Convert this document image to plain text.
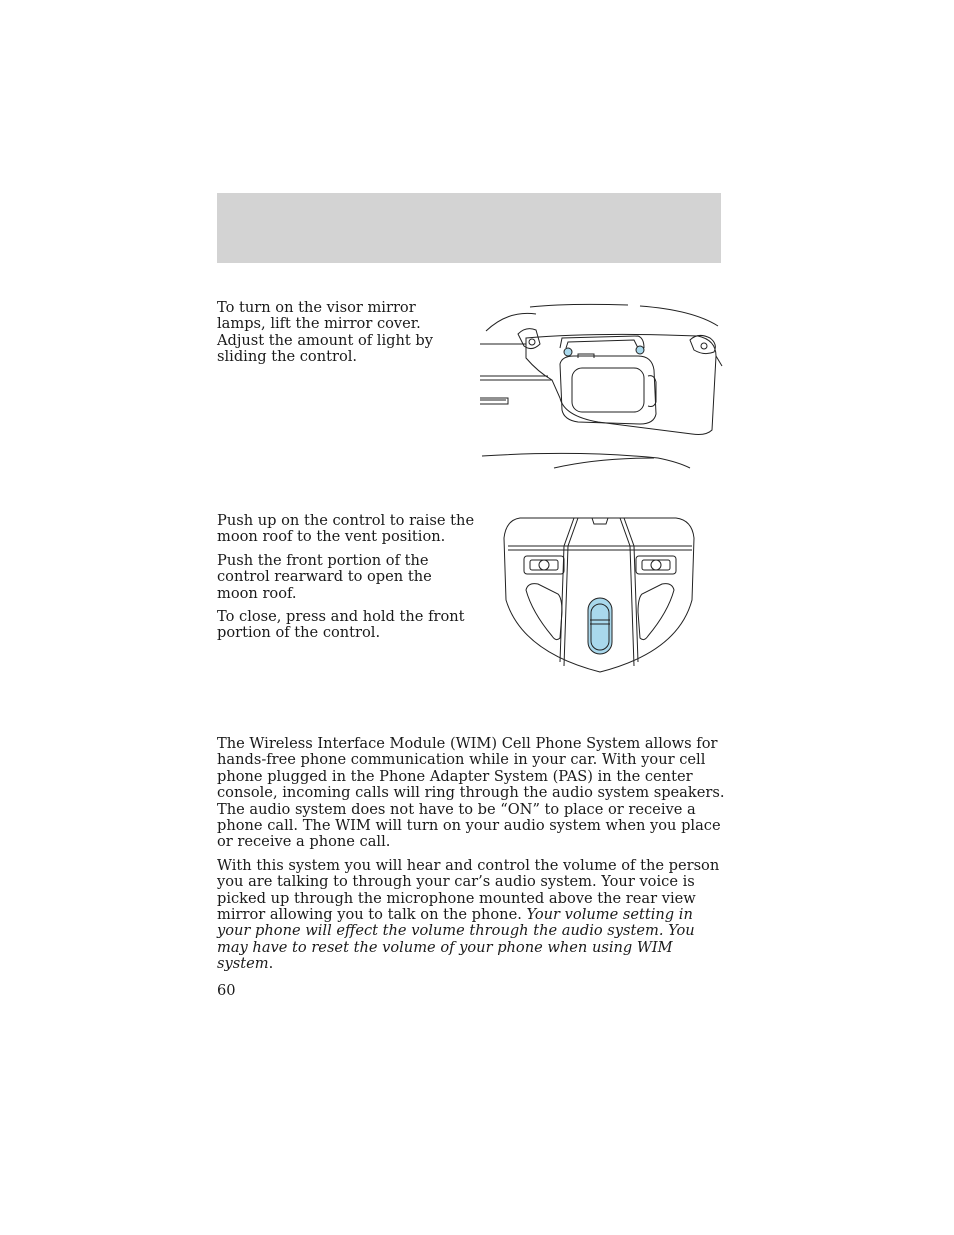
To turn on the visor mirror lamps, lift the mirror cover. Adjust the amount of light by sliding the control.

Push up on the control to raise the moon roof to the vent position.

Push the front portion of the control rearward to open the moon roof.

To close, press and hold the front portion of the control.

The Wireless Interface Module (WIM) Cell Phone System allows for hands-free phone communication while in your car. With your cell phone plugged in the Phone Adapter System (PAS) in the center console, incoming calls will ring through the audio system speakers. The audio system does not have to be “ON” to place or receive a phone call. The WIM will turn on your audio system when you place or receive a phone call.

With this system you will hear and control the volume of the person you are talking to through your car’s audio system. Your voice is picked up through the microphone mounted above the rear view mirror allowing you to talk on the phone. Your volume setting in your phone will effect the volume through the audio system. You may have to reset the volume of your phone when using WIM system.

60
